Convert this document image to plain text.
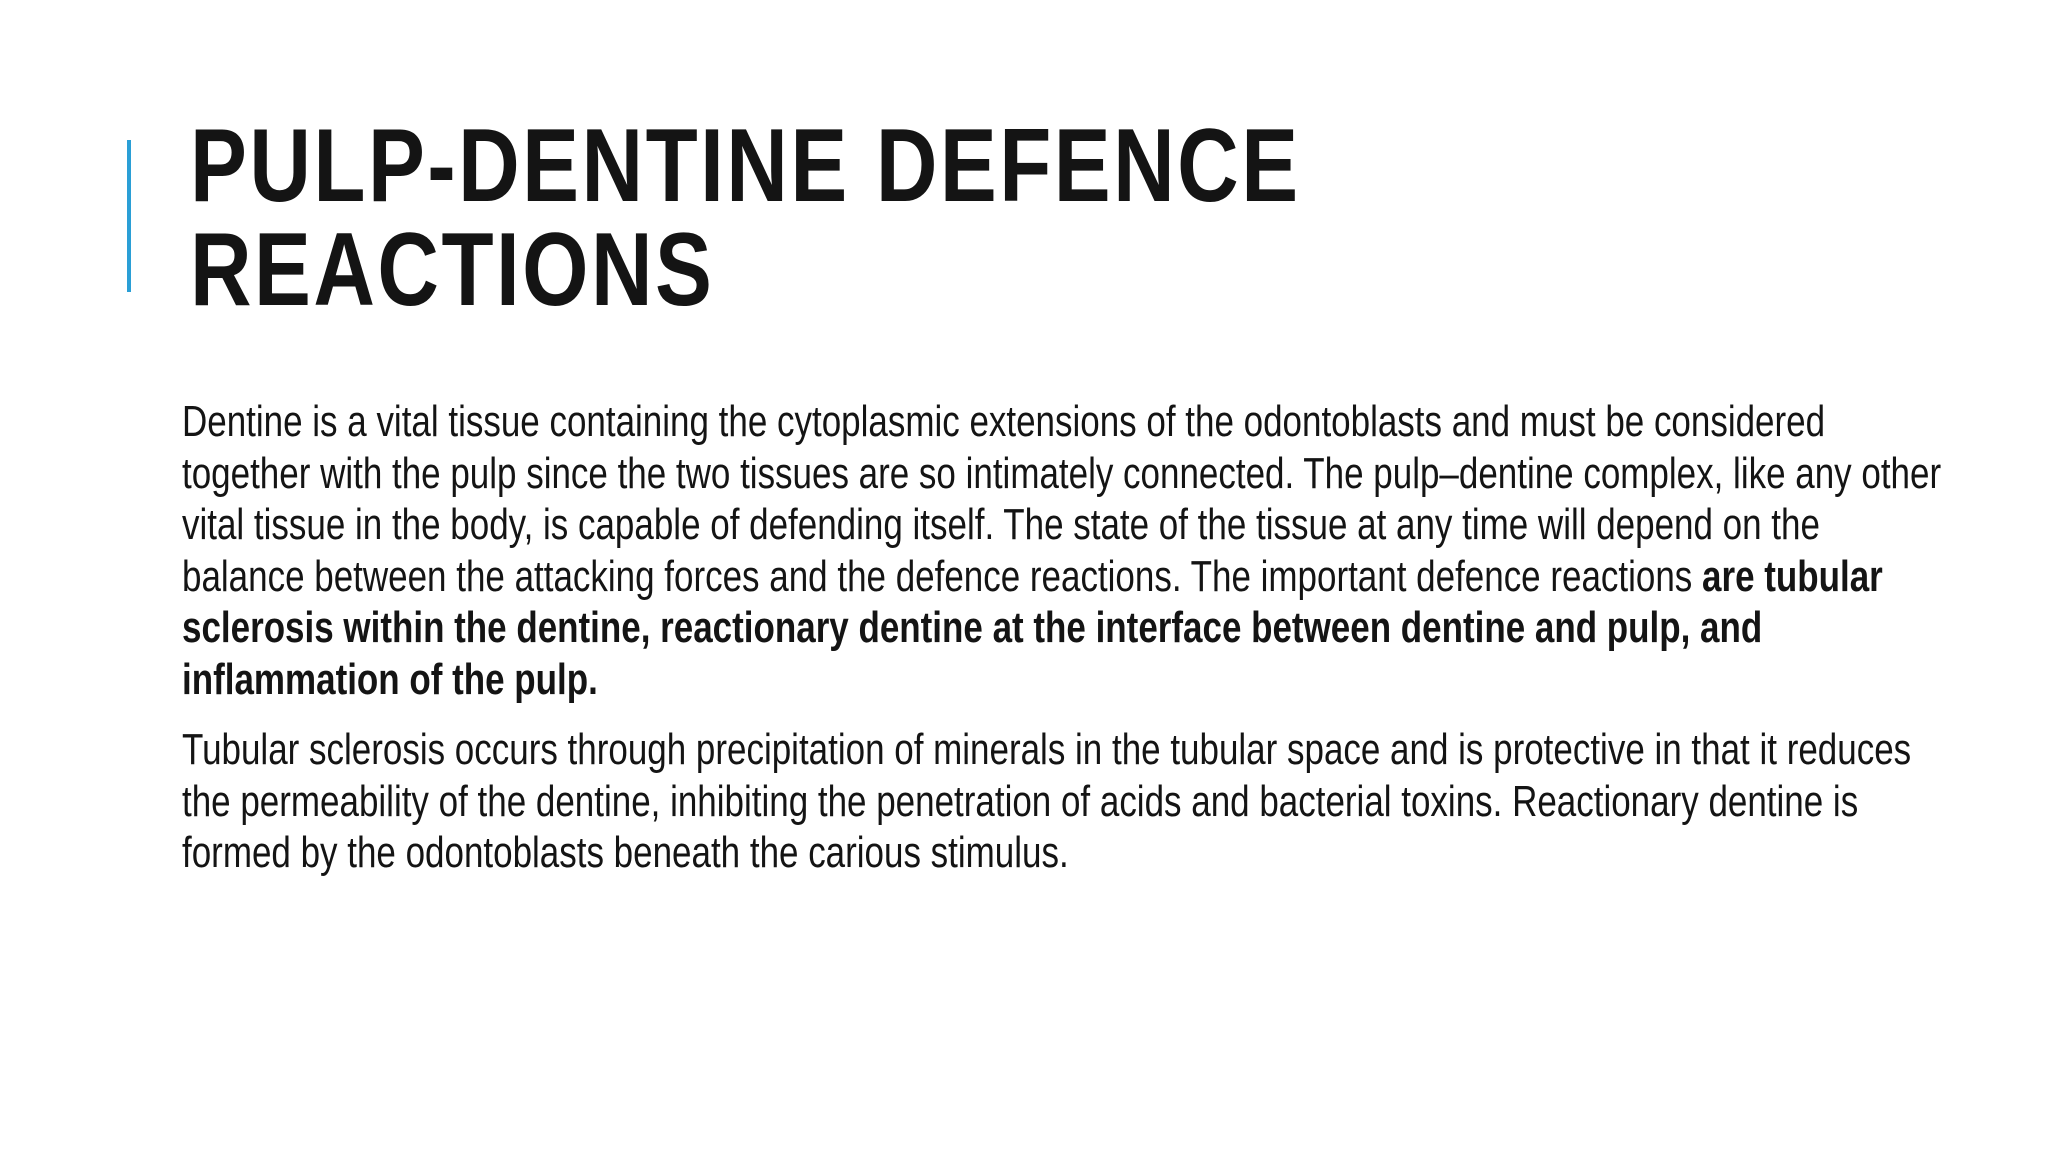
PULP-DENTINE DEFENCE
REACTIONS

Dentine is a vital tissue containing the cytoplasmic extensions of the odontoblasts and must be considered together with the pulp since the two tissues are so intimately connected. The pulp–dentine complex, like any other vital tissue in the body, is capable of defending itself. The state of the tissue at any time will depend on the balance between the attacking forces and the defence reactions. The important defence reactions are tubular sclerosis within the dentine, reactionary dentine at the interface between dentine and pulp, and inflammation of the pulp.

Tubular sclerosis occurs through precipitation of minerals in the tubular space and is protective in that it reduces the permeability of the dentine, inhibiting the penetration of acids and bacterial toxins. Reactionary dentine is formed by the odontoblasts beneath the carious stimulus.
